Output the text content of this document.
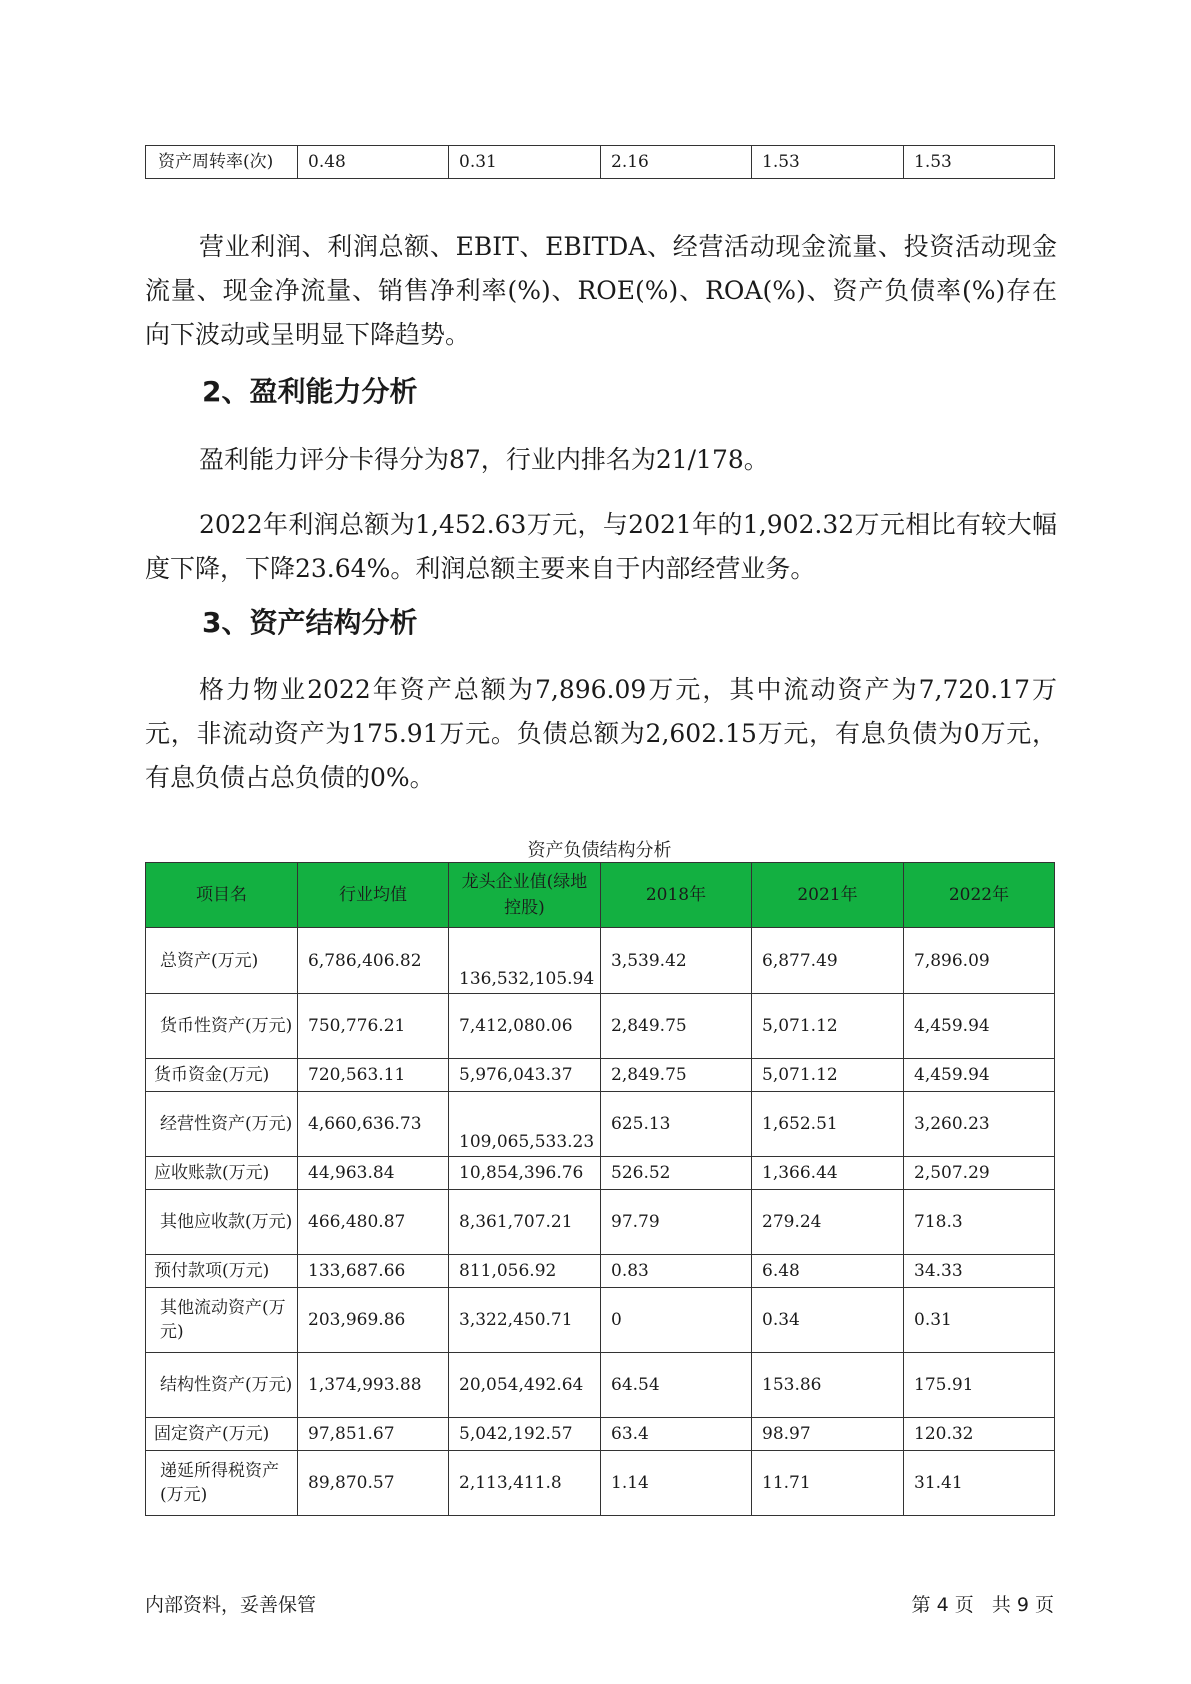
资产周转率(次)	0.48	0.31	2.16	1.53	1.53

营业利润、利润总额、EBIT、EBITDA、经营活动现金流量、投资活动现金流量、现金净流量、销售净利率(%)、ROE(%)、ROA(%)、资产负债率(%)存在向下波动或呈明显下降趋势。

2、盈利能力分析

盈利能力评分卡得分为87，行业内排名为21/178。

2022年利润总额为1,452.63万元，与2021年的1,902.32万元相比有较大幅度下降，下降23.64%。利润总额主要来自于内部经营业务。

3、资产结构分析

格力物业2022年资产总额为7,896.09万元，其中流动资产为7,720.17万元，非流动资产为175.91万元。负债总额为2,602.15万元，有息负债为0万元，有息负债占总负债的0%。

资产负债结构分析
项目名	行业均值	龙头企业值(绿地控股)	2018年	2021年	2022年
总资产(万元)	6,786,406.82	136,532,105.94	3,539.42	6,877.49	7,896.09
货币性资产(万元)	750,776.21	7,412,080.06	2,849.75	5,071.12	4,459.94
货币资金(万元)	720,563.11	5,976,043.37	2,849.75	5,071.12	4,459.94
经营性资产(万元)	4,660,636.73	109,065,533.23	625.13	1,652.51	3,260.23
应收账款(万元)	44,963.84	10,854,396.76	526.52	1,366.44	2,507.29
其他应收款(万元)	466,480.87	8,361,707.21	97.79	279.24	718.3
预付款项(万元)	133,687.66	811,056.92	0.83	6.48	34.33
其他流动资产(万元)	203,969.86	3,322,450.71	0	0.34	0.31
结构性资产(万元)	1,374,993.88	20,054,492.64	64.54	153.86	175.91
固定资产(万元)	97,851.67	5,042,192.57	63.4	98.97	120.32
递延所得税资产(万元)	89,870.57	2,113,411.8	1.14	11.71	31.41
内部资料，妥善保管	第 4 页   共 9 页
